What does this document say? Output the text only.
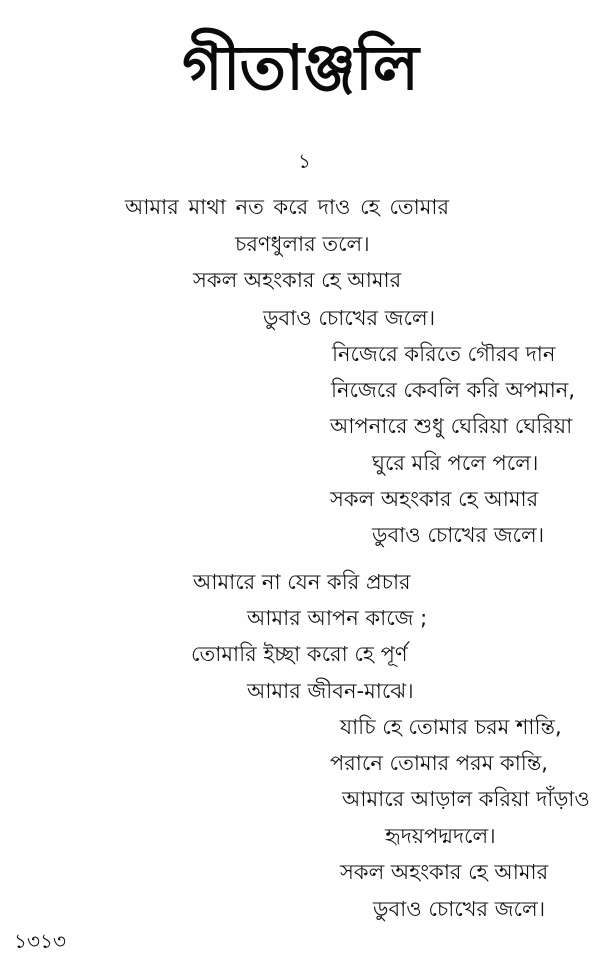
গীতাঞ্জলি
১
আমার মাথা নত করে দাও হে তোমার
চরণধুলার তলে।
সকল অহংকার হে আমার
ডুবাও চোখের জলে।
নিজেরে করিতে গৌরব দান
নিজেরে কেবলি করি অপমান,
আপনারে শুধু ঘেরিয়া ঘেরিয়া
ঘুরে মরি পলে পলে।
সকল অহংকার হে আমার
ডুবাও চোখের জলে।
আমারে না যেন করি প্রচার
আমার আপন কাজে ;
তোমারি ইচ্ছা করো হে পূর্ণ
আমার জীবন-মাঝে।
যাচি হে তোমার চরম শান্তি,
পরানে তোমার পরম কান্তি,
আমারে আড়াল করিয়া দাঁড়াও
হৃদয়পদ্মদলে।
সকল অহংকার হে আমার
ডুবাও চোখের জলে।
১৩১৩
